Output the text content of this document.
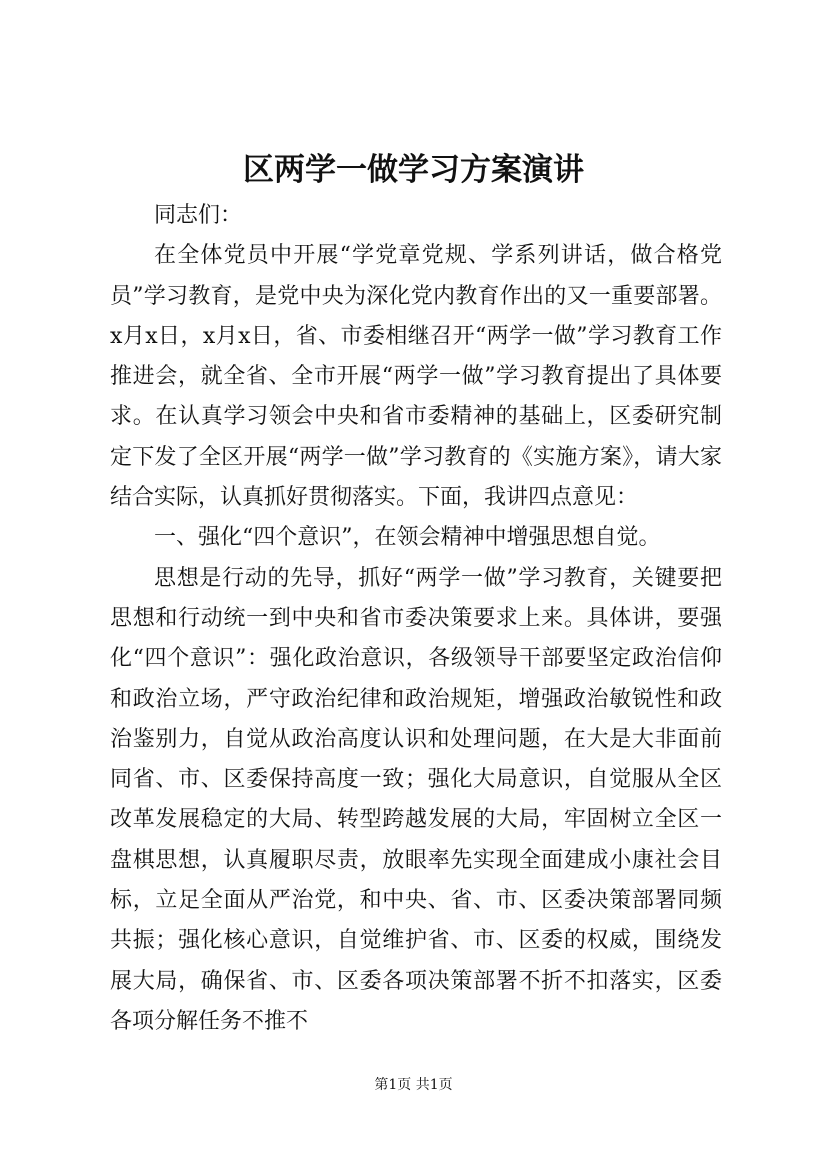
区两学一做学习方案演讲

同志们：

在全体党员中开展“学党章党规、学系列讲话，做合格党员”学习教育，是党中央为深化党内教育作出的又一重要部署。x月x日，x月x日，省、市委相继召开“两学一做”学习教育工作推进会，就全省、全市开展“两学一做”学习教育提出了具体要求。在认真学习领会中央和省市委精神的基础上，区委研究制定下发了全区开展“两学一做”学习教育的《实施方案》，请大家结合实际，认真抓好贯彻落实。下面，我讲四点意见：

一、强化“四个意识”，在领会精神中增强思想自觉。

思想是行动的先导，抓好“两学一做”学习教育，关键要把思想和行动统一到中央和省市委决策要求上来。具体讲，要强化“四个意识”：强化政治意识，各级领导干部要坚定政治信仰和政治立场，严守政治纪律和政治规矩，增强政治敏锐性和政治鉴别力，自觉从政治高度认识和处理问题，在大是大非面前同省、市、区委保持高度一致；强化大局意识，自觉服从全区改革发展稳定的大局、转型跨越发展的大局，牢固树立全区一盘棋思想，认真履职尽责，放眼率先实现全面建成小康社会目标，立足全面从严治党，和中央、省、市、区委决策部署同频共振；强化核心意识，自觉维护省、市、区委的权威，围绕发展大局，确保省、市、区委各项决策部署不折不扣落实，区委各项分解任务不推不

第1页 共1页
